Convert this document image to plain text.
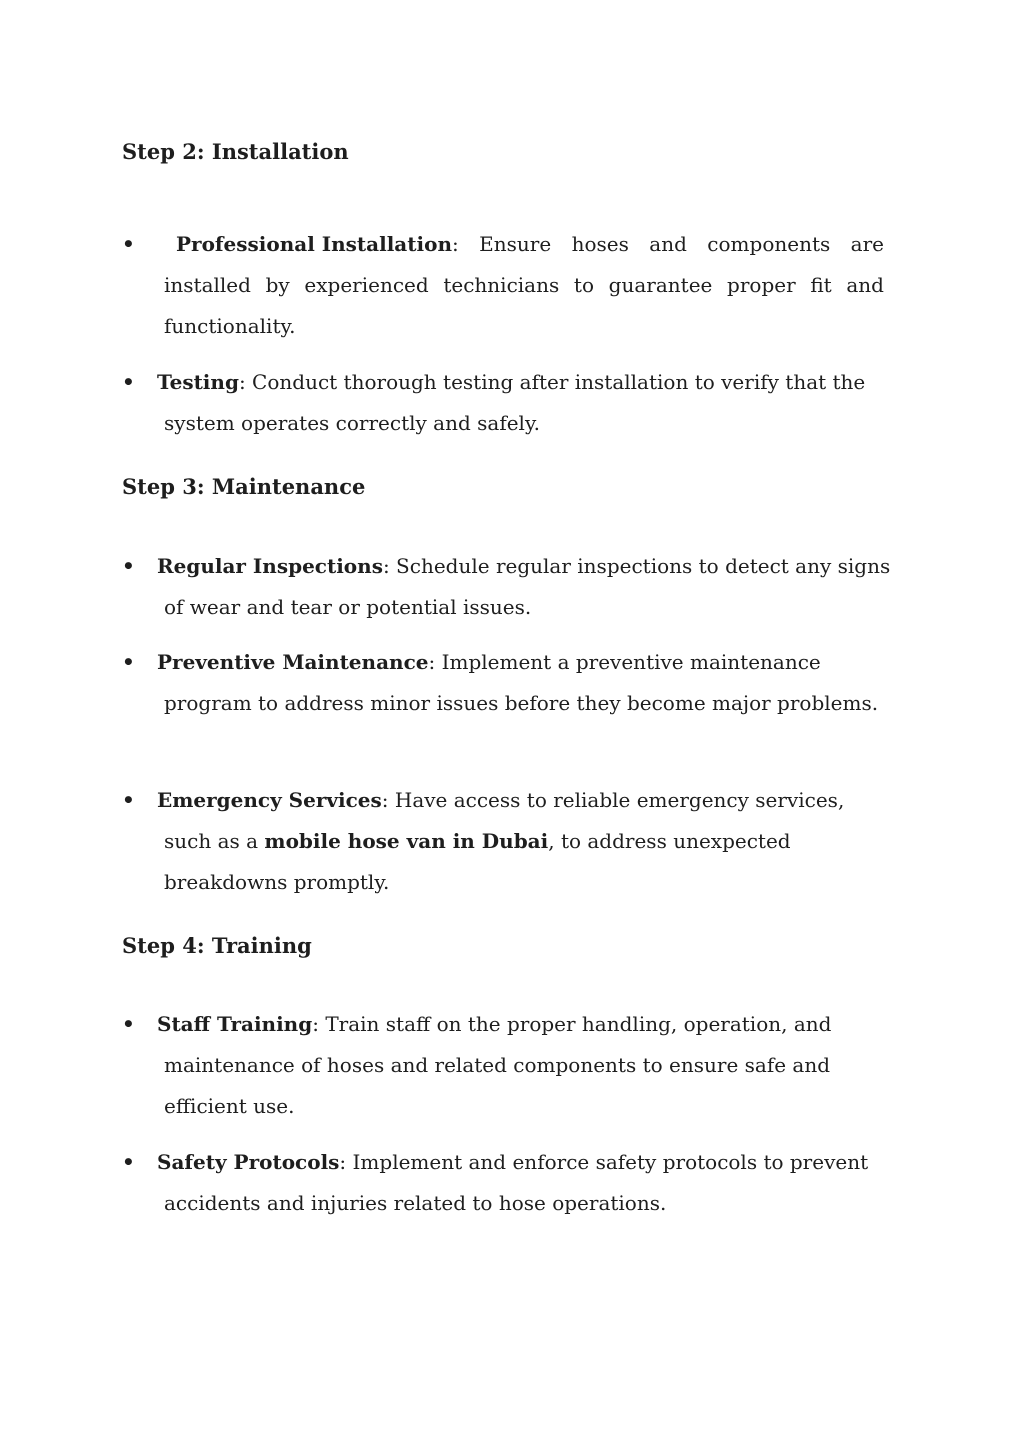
Step 2: Installation
•	Professional Installation: Ensure hoses and components are installed by experienced technicians to guarantee proper fit and functionality.

• Testing: Conduct thorough testing after installation to verify that the system operates correctly and safely.

Step 3: Maintenance
• Regular Inspections: Schedule regular inspections to detect any signs of wear and tear or potential issues.

• Preventive Maintenance: Implement a preventive maintenance program to address minor issues before they become major problems.

• Emergency Services: Have access to reliable emergency services, such as a mobile hose van in Dubai, to address unexpected breakdowns promptly.

Step 4: Training
• Staff Training: Train staff on the proper handling, operation, and maintenance of hoses and related components to ensure safe and efficient use.

• Safety Protocols: Implement and enforce safety protocols to prevent accidents and injuries related to hose operations.
